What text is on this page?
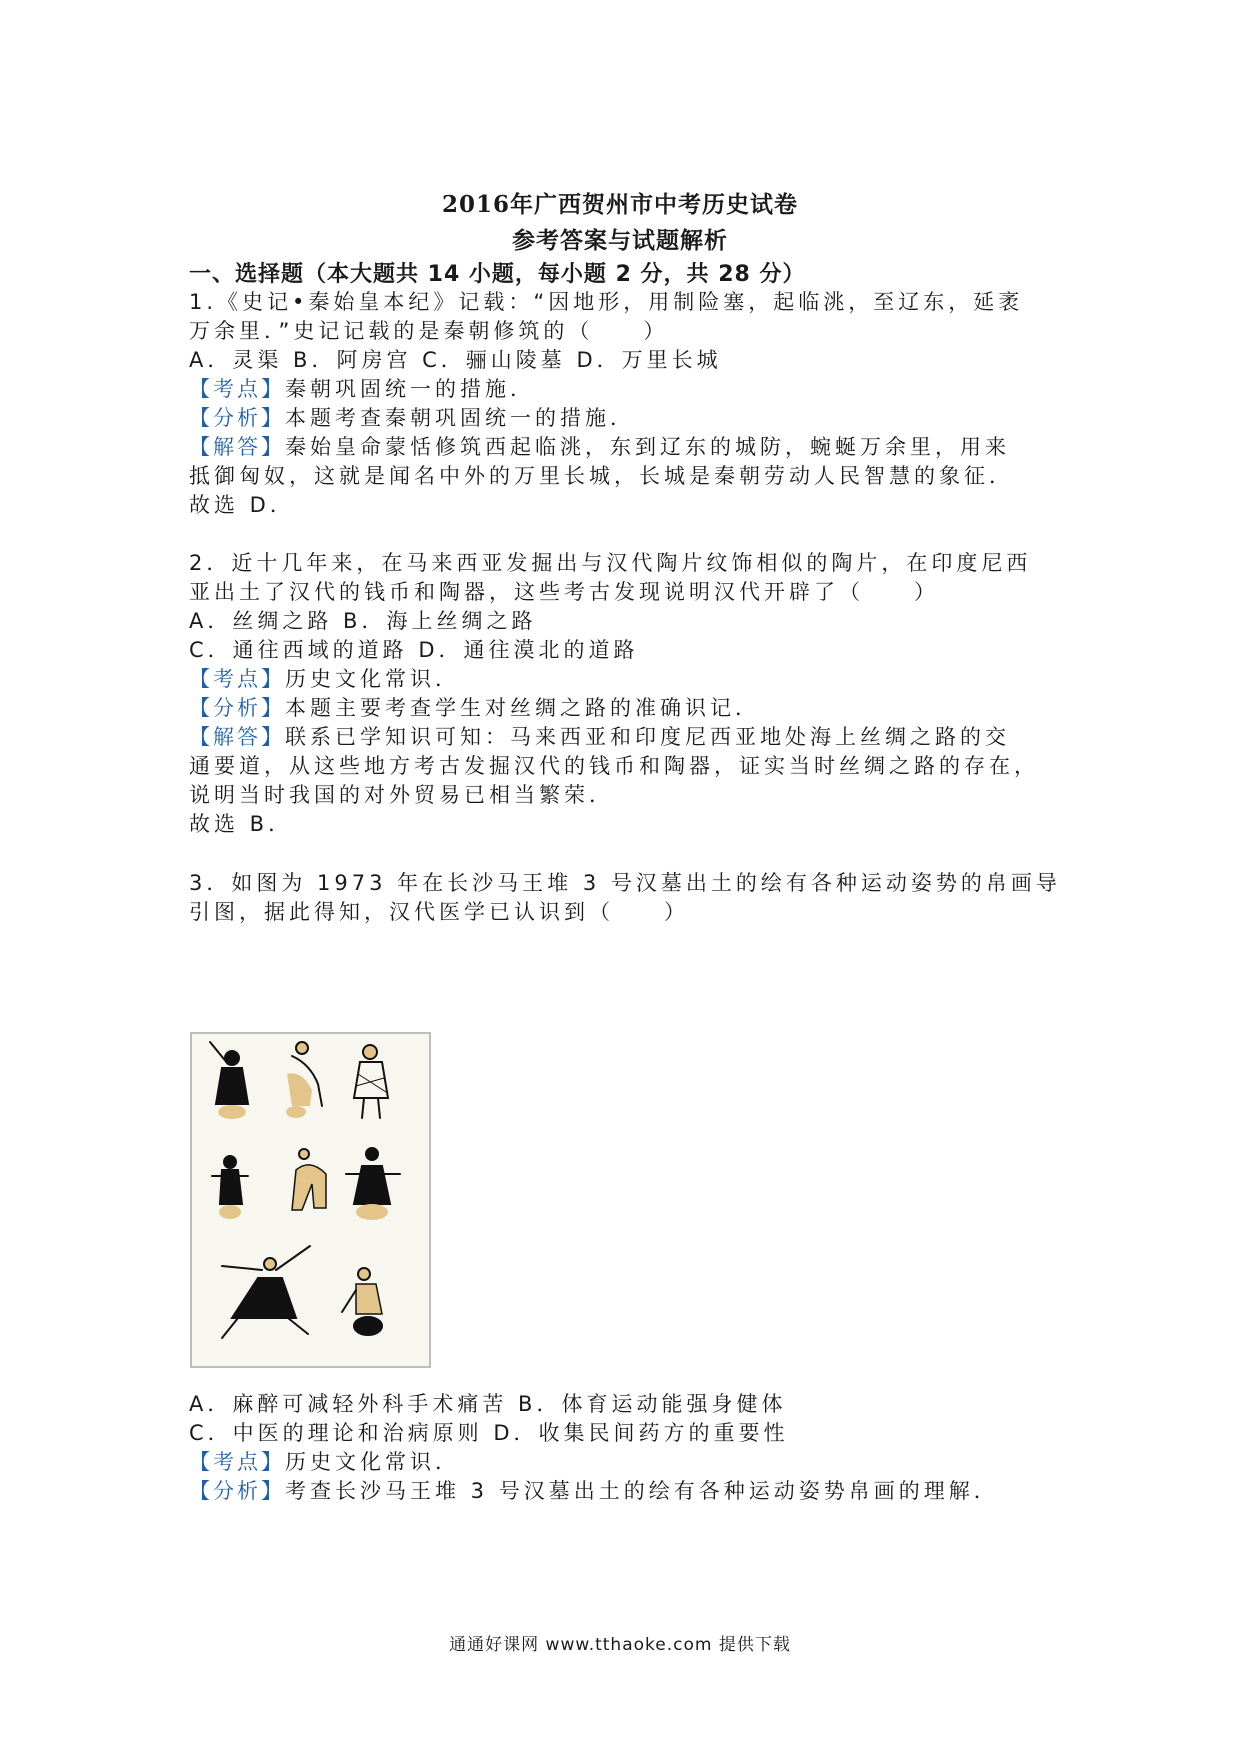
2016年广西贺州市中考历史试卷
参考答案与试题解析
一、选择题（本大题共 14 小题，每小题 2 分，共 28 分）
1.《史记•秦始皇本纪》记载：“因地形，用制险塞，起临洮，至辽东，延袤
万余里．”史记记载的是秦朝修筑的（　　）
A．灵渠 B．阿房宫 C．骊山陵墓 D．万里长城
【考点】秦朝巩固统一的措施．
【分析】本题考查秦朝巩固统一的措施．
【解答】秦始皇命蒙恬修筑西起临洮，东到辽东的城防，蜿蜒万余里，用来
抵御匈奴，这就是闻名中外的万里长城，长城是秦朝劳动人民智慧的象征．
故选 D．
2．近十几年来，在马来西亚发掘出与汉代陶片纹饰相似的陶片，在印度尼西
亚出土了汉代的钱币和陶器，这些考古发现说明汉代开辟了（　　）
A．丝绸之路 B．海上丝绸之路
C．通往西域的道路 D．通往漠北的道路
【考点】历史文化常识．
【分析】本题主要考查学生对丝绸之路的准确识记．
【解答】联系已学知识可知：马来西亚和印度尼西亚地处海上丝绸之路的交
通要道，从这些地方考古发掘汉代的钱币和陶器，证实当时丝绸之路的存在，
说明当时我国的对外贸易已相当繁荣．
故选 B．
3．如图为 1973 年在长沙马王堆 3 号汉墓出土的绘有各种运动姿势的帛画导
引图，据此得知，汉代医学已认识到（　　）
A．麻醉可减轻外科手术痛苦 B．体育运动能强身健体
C．中医的理论和治病原则 D．收集民间药方的重要性
【考点】历史文化常识．
【分析】考查长沙马王堆 3 号汉墓出土的绘有各种运动姿势帛画的理解．
通通好课网 www.tthaoke.com 提供下载
